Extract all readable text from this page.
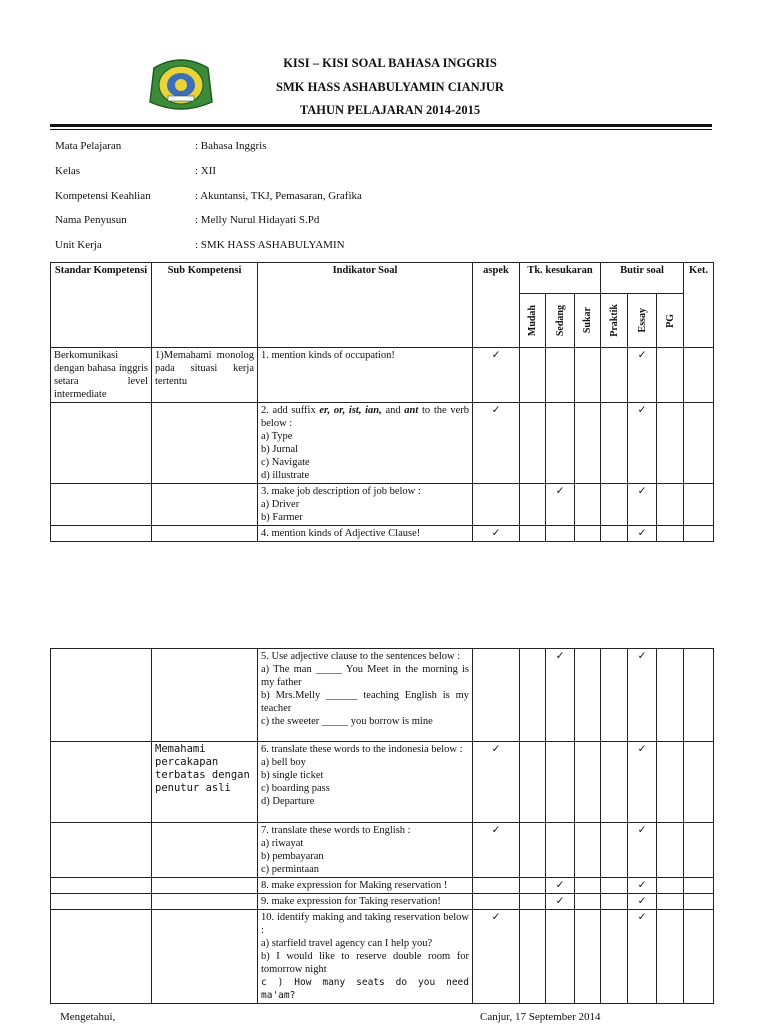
KISI – KISI SOAL BAHASA INGGRIS
SMK HASS ASHABULYAMIN CIANJUR
TAHUN PELAJARAN 2014-2015
Mata Pelajaran	: Bahasa Inggris
Kelas	: XII
Kompetensi Keahlian	: Akuntansi, TKJ, Pemasaran, Grafika
Nama Penyusun	: Melly Nurul Hidayati S.Pd
Unit Kerja	: SMK HASS ASHABULYAMIN
Standar Kompetensi	Sub Kompetensi	Indikator Soal	aspek	Tk. kesukaran			Butir soal			Ket.

				Mudah	Sedang	Sukar	Praktik	Essay	PG	

Berkomunikasi dengan bahasa inggris setara level intermediate	1)Memahami monolog pada situasi kerja tertentu	1. mention kinds of occupation!	✓					✓		

		2. add suffix er, or, ist, ian, and ant to the verb below :
a) Type
b) Jurnal
c) Navigate
d) illustrate	✓					✓		

		3. make job description of job below :
a) Driver
b) Farmer			✓			✓		
		4. mention kinds of Adjective Clause!	✓					✓		

		5. Use adjective clause to the sentences below :
a) The man _____ You Meet in the morning is my father
b) Mrs.Melly ______ teaching English is my teacher
c) the sweeter _____ you borrow is mine			✓			✓		
	Memahami percakapan terbatas dengan penutur asli	6. translate these words to the indonesia below :
a) bell boy
b) single ticket
c) boarding pass
d) Departure	✓					✓		

		7. translate these words to English :
a) riwayat
b) pembayaran
c) permintaan	✓					✓		
		8. make expression for Making reservation !			✓			✓		
		9. make expression for Taking reservation!			✓			✓		

		10. identify making and taking reservation below :
a) starfield travel agency can I help you?
b) I would like to reserve double room for tomorrow night
c ) How many seats do you need ma'am?	✓					✓		
Mengetahui,	Canjur, 17 September 2014
